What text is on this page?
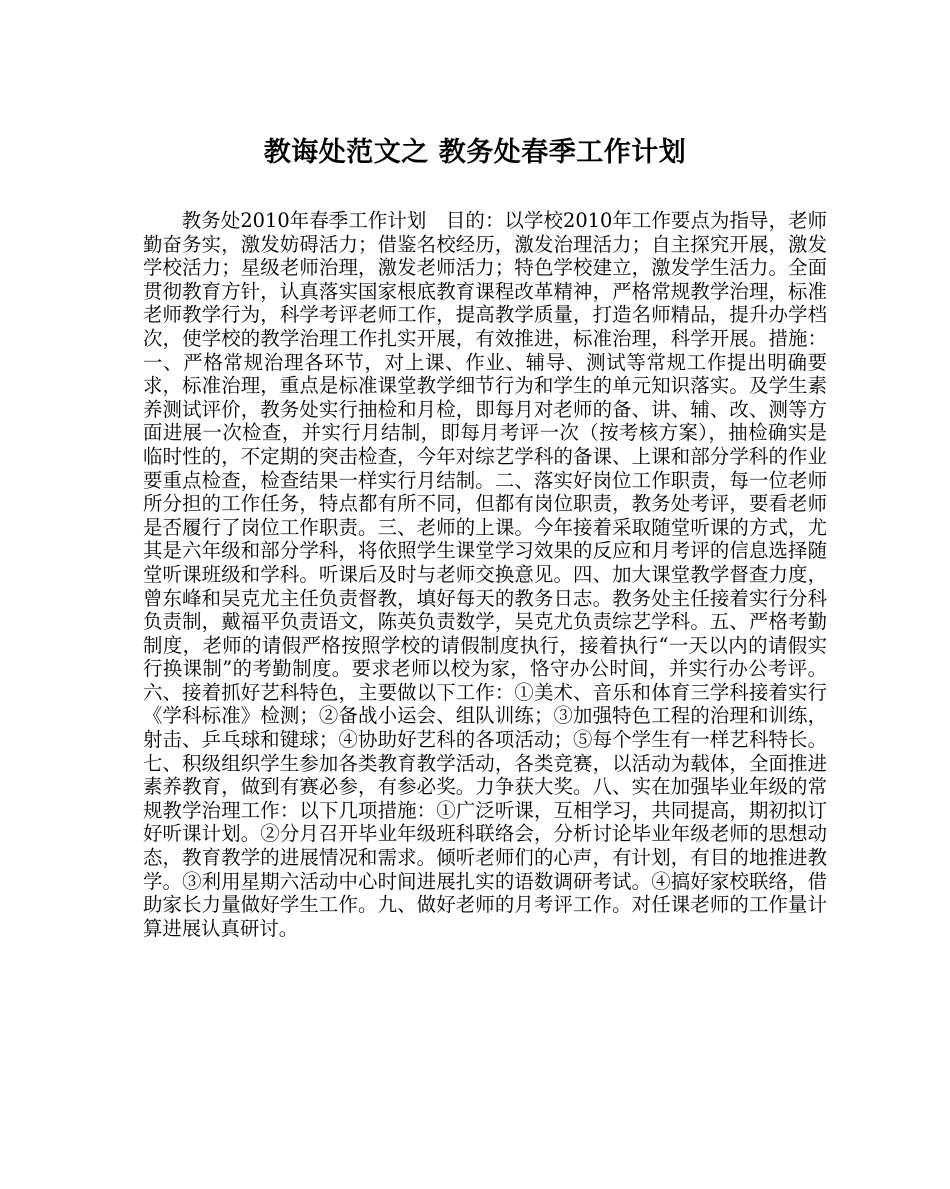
教诲处范文之 教务处春季工作计划

教务处2010年春季工作计划　目的：以学校2010年工作要点为指导，老师勤奋务实，激发妨碍活力；借鉴名校经历，激发治理活力；自主探究开展，激发学校活力；星级老师治理，激发老师活力；特色学校建立，激发学生活力。全面贯彻教育方针，认真落实国家根底教育课程改革精神，严格常规教学治理，标准老师教学行为，科学考评老师工作，提高教学质量，打造名师精品，提升办学档次，使学校的教学治理工作扎实开展，有效推进，标准治理，科学开展。措施：一、严格常规治理各环节，对上课、作业、辅导、测试等常规工作提出明确要求，标准治理，重点是标准课堂教学细节行为和学生的单元知识落实。及学生素养测试评价，教务处实行抽检和月检，即每月对老师的备、讲、辅、改、测等方面进展一次检查，并实行月结制，即每月考评一次（按考核方案），抽检确实是临时性的，不定期的突击检查，今年对综艺学科的备课、上课和部分学科的作业要重点检查，检查结果一样实行月结制。二、落实好岗位工作职责，每一位老师所分担的工作任务，特点都有所不同，但都有岗位职责，教务处考评，要看老师是否履行了岗位工作职责。三、老师的上课。今年接着采取随堂听课的方式，尤其是六年级和部分学科，将依照学生课堂学习效果的反应和月考评的信息选择随堂听课班级和学科。听课后及时与老师交换意见。四、加大课堂教学督查力度，曾东峰和吴克尤主任负责督教，填好每天的教务日志。教务处主任接着实行分科负责制，戴福平负责语文，陈英负责数学，吴克尤负责综艺学科。五、严格考勤制度，老师的请假严格按照学校的请假制度执行，接着执行“一天以内的请假实行换课制”的考勤制度。要求老师以校为家，恪守办公时间，并实行办公考评。六、接着抓好艺科特色，主要做以下工作：①美术、音乐和体育三学科接着实行《学科标准》检测；②备战小运会、组队训练；③加强特色工程的治理和训练，射击、乒乓球和键球；④协助好艺科的各项活动；⑤每个学生有一样艺科特长。七、积级组织学生参加各类教育教学活动，各类竞赛，以活动为载体，全面推进素养教育，做到有赛必参，有参必奖。力争获大奖。八、实在加强毕业年级的常规教学治理工作：以下几项措施：①广泛听课，互相学习，共同提高，期初拟订好听课计划。②分月召开毕业年级班科联络会，分析讨论毕业年级老师的思想动态，教育教学的进展情况和需求。倾听老师们的心声，有计划，有目的地推进教学。③利用星期六活动中心时间进展扎实的语数调研考试。④搞好家校联络，借助家长力量做好学生工作。九、做好老师的月考评工作。对任课老师的工作量计算进展认真研讨。
